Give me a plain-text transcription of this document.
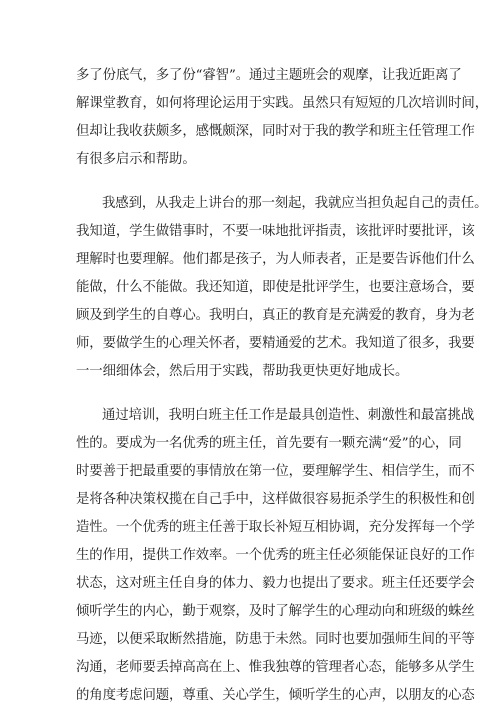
多了份底气，多了份“睿智”。通过主题班会的观摩，让我近距离了
解课堂教育，如何将理论运用于实践。虽然只有短短的几次培训时间，
但却让我收获颇多，感慨颇深，同时对于我的教学和班主任管理工作
有很多启示和帮助。
我感到，从我走上讲台的那一刻起，我就应当担负起自己的责任。
我知道，学生做错事时，不要一味地批评指责，该批评时要批评，该
理解时也要理解。他们都是孩子，为人师表者，正是要告诉他们什么
能做，什么不能做。我还知道，即使是批评学生，也要注意场合，要
顾及到学生的自尊心。我明白，真正的教育是充满爱的教育，身为老
师，要做学生的心理关怀者，要精通爱的艺术。我知道了很多，我要
一一细细体会，然后用于实践，帮助我更快更好地成长。
通过培训，我明白班主任工作是最具创造性、刺激性和最富挑战
性的。要成为一名优秀的班主任，首先要有一颗充满“爱”的心，同
时要善于把最重要的事情放在第一位，要理解学生、相信学生，而不
是将各种决策权揽在自己手中，这样做很容易扼杀学生的积极性和创
造性。一个优秀的班主任善于取长补短互相协调，充分发挥每一个学
生的作用，提供工作效率。一个优秀的班主任必须能保证良好的工作
状态，这对班主任自身的体力、毅力也提出了要求。班主任还要学会
倾听学生的内心，勤于观察，及时了解学生的心理动向和班级的蛛丝
马迹，以便采取断然措施，防患于未然。同时也要加强师生间的平等
沟通，老师要丢掉高高在上、惟我独尊的管理者心态，能够多从学生
的角度考虑问题，尊重、关心学生，倾听学生的心声，以朋友的心态
